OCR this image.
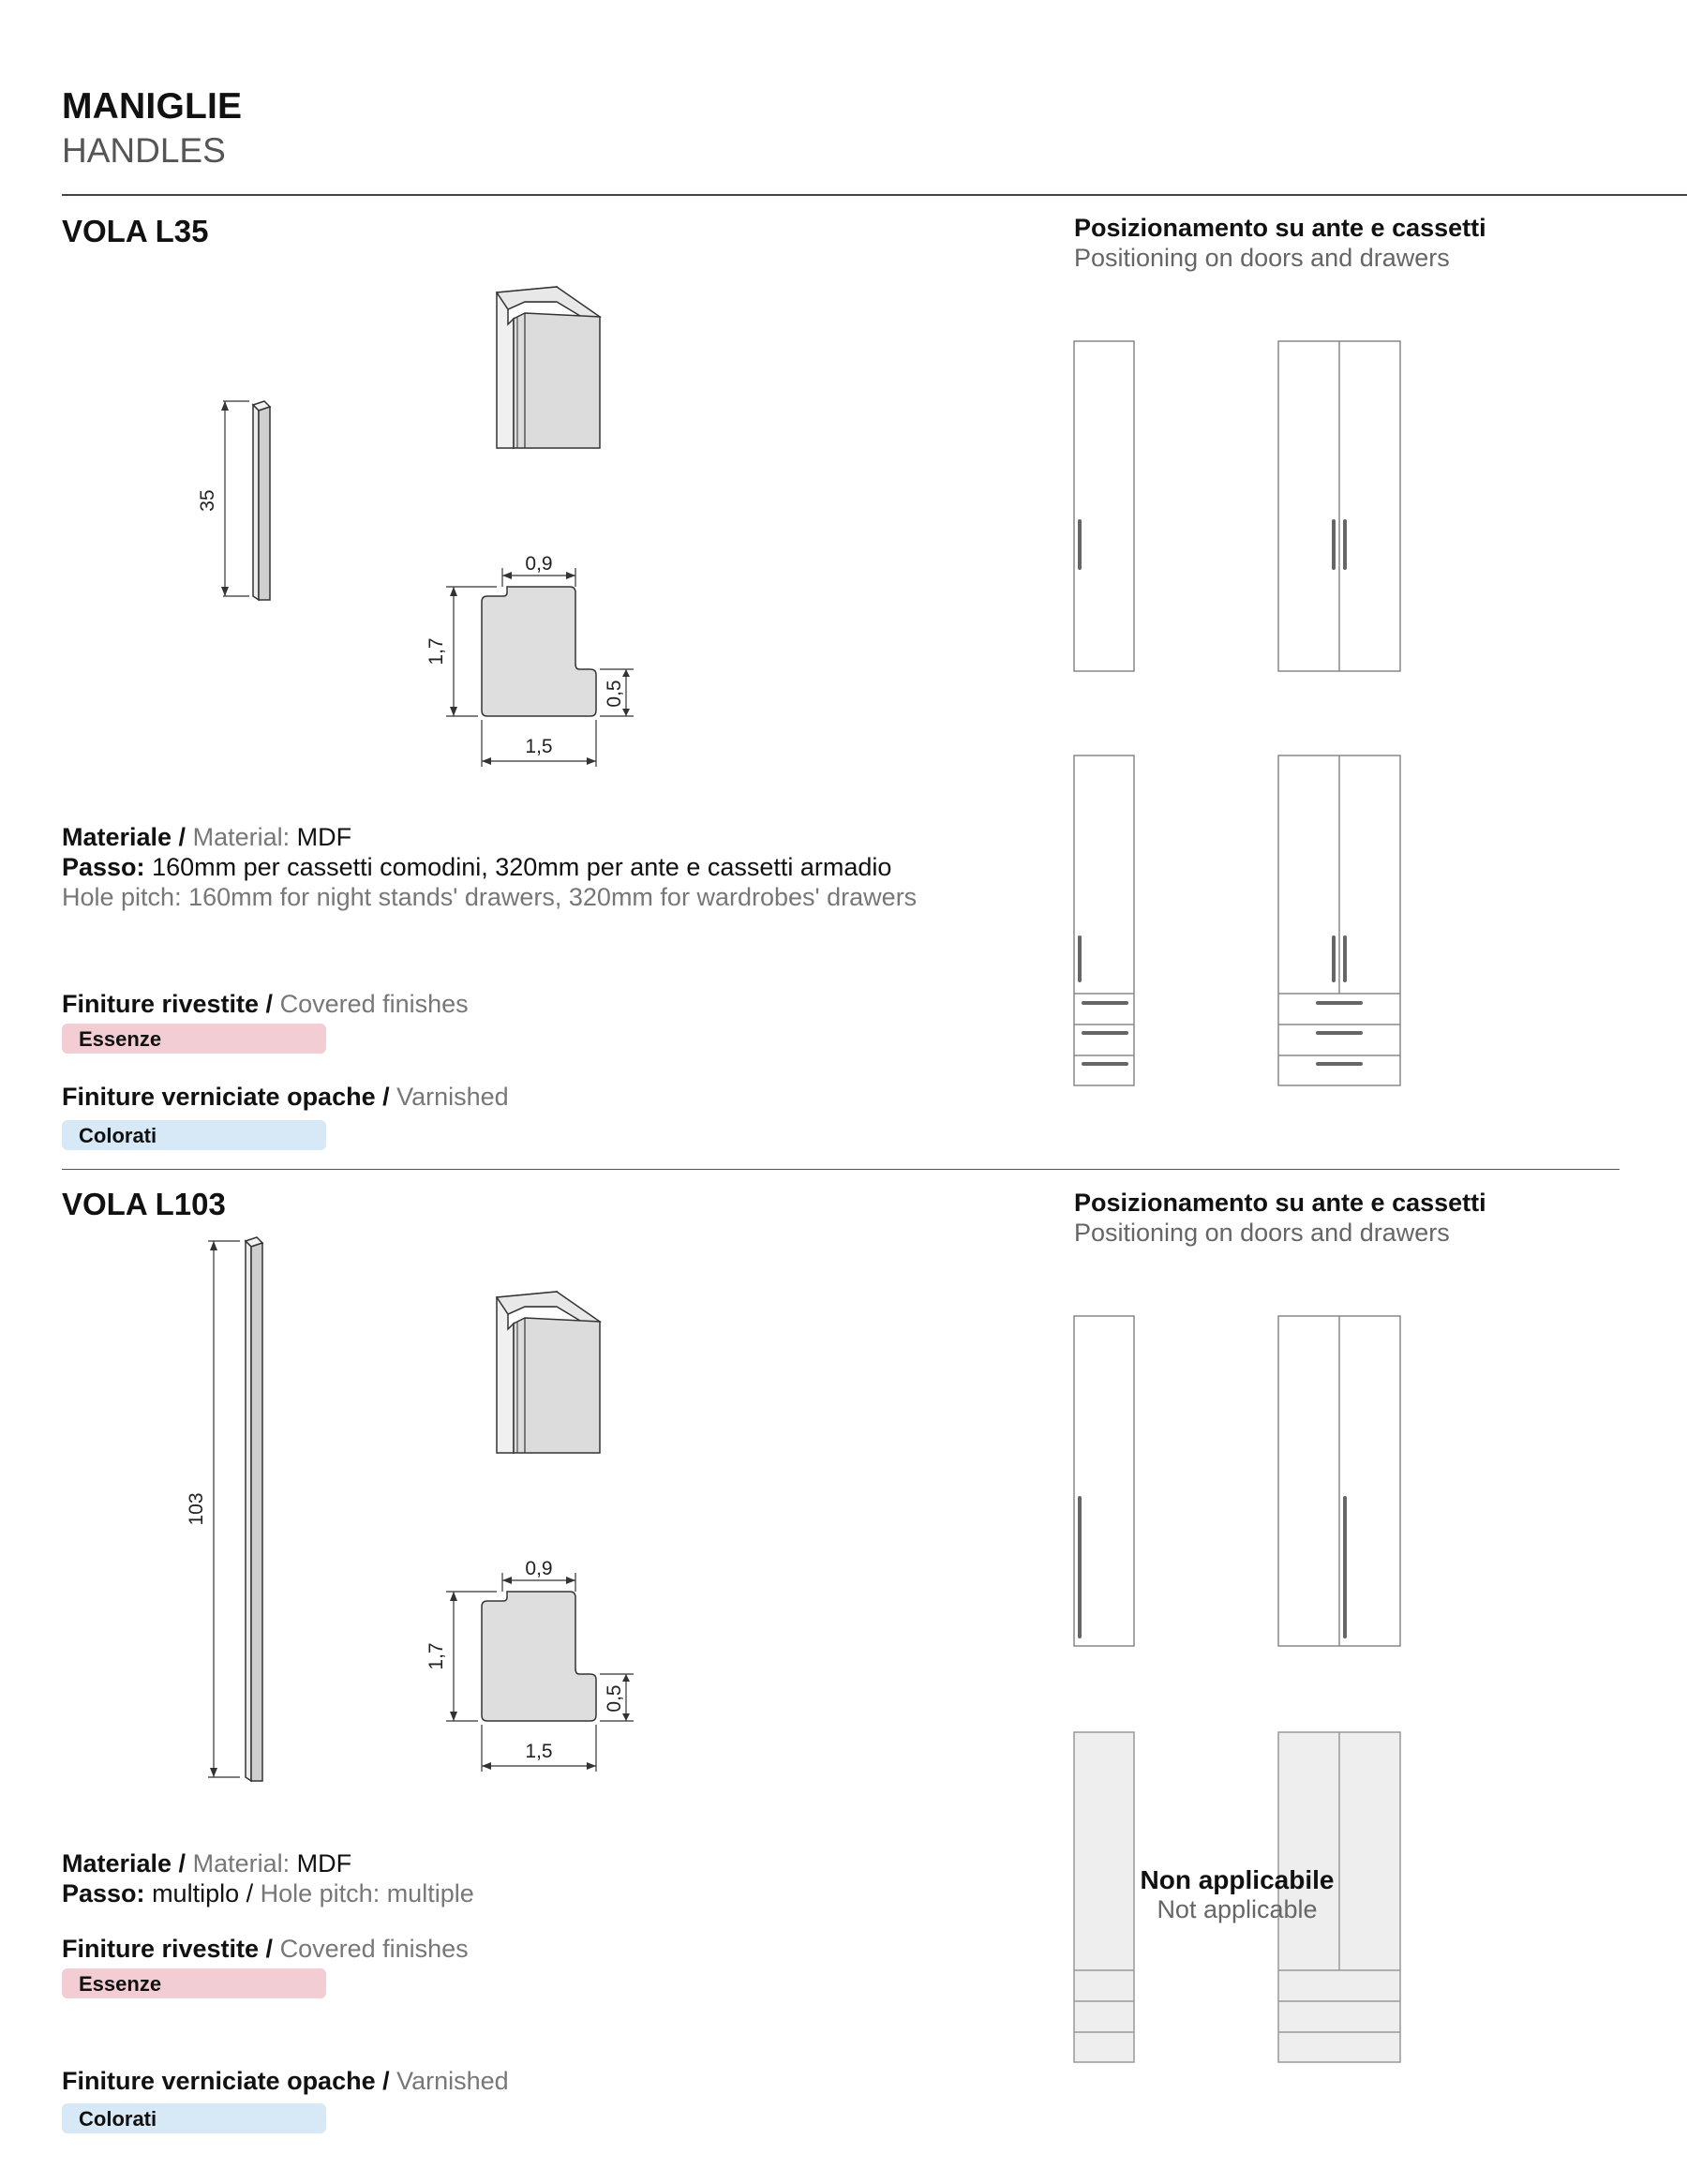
MANIGLIE
HANDLES
VOLA L35	Posizionamento su ante e cassetti
Positioning on doors and drawers
35
0,9
1,7
0,5
1,5
103
0,9
1,7
0,5
1,5
Materiale / Material: MDF
Passo: 160mm per cassetti comodini, 320mm per ante e cassetti armadio
Hole pitch: 160mm for night stands' drawers, 320mm for wardrobes' drawers
Finiture rivestite / Covered finishes
Essenze
Finiture verniciate opache / Varnished
Colorati
VOLA L103	Posizionamento su ante e cassetti
Positioning on doors and drawers
Materiale / Material: MDF
Passo: multiplo / Hole pitch: multiple
Finiture rivestite / Covered finishes
Essenze
Finiture verniciate opache / Varnished
Colorati
Non applicabile
Not applicable
